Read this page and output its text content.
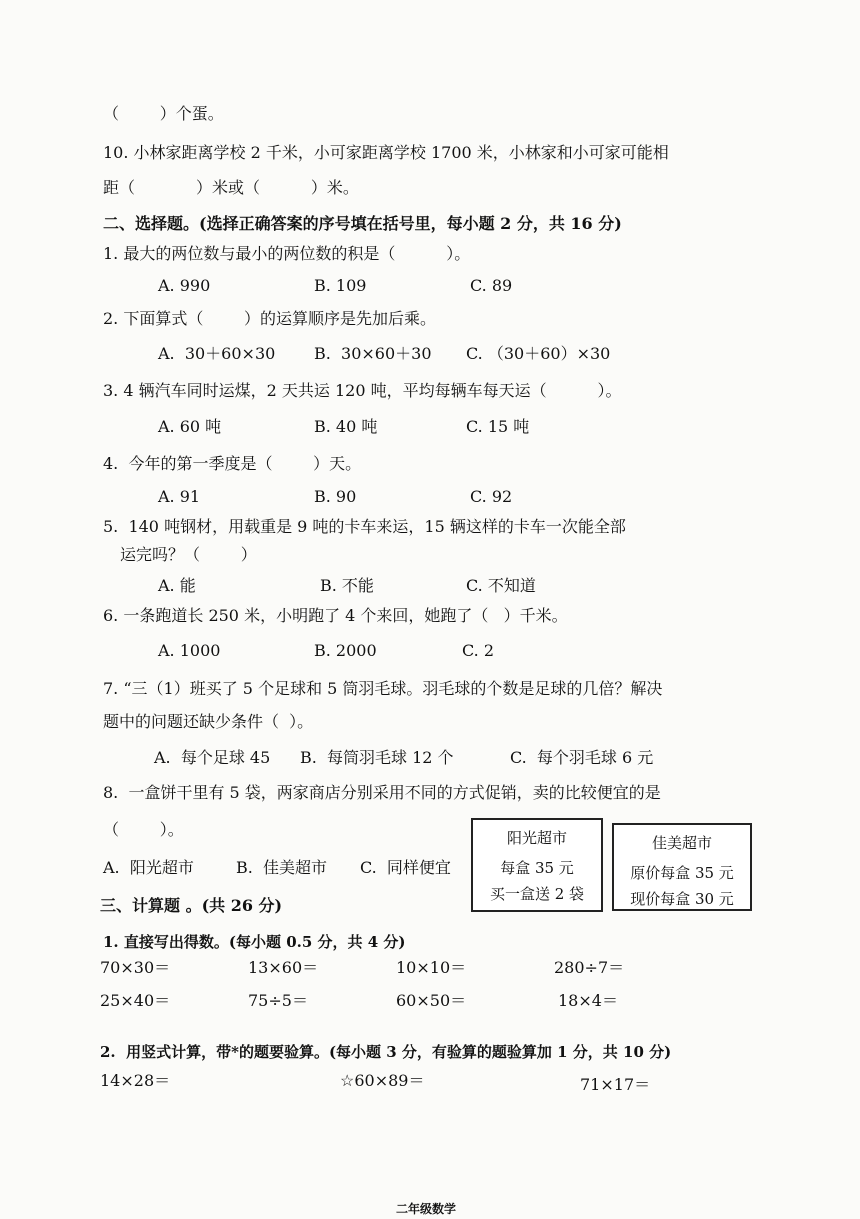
（        ）个蛋。
10. 小林家距离学校 2 千米，小可家距离学校 1700 米，小林家和小可家可能相
距（            ）米或（          ）米。
二、选择题。(选择正确答案的序号填在括号里，每小题 2 分，共 16 分)
1. 最大的两位数与最小的两位数的积是（          ）。
A. 990	B. 109	C. 89
2. 下面算式（        ）的运算顺序是先加后乘。
A.  30＋60×30 B.  30×60＋30 C. （30＋60）×30
3. 4 辆汽车同时运煤，2 天共运 120 吨，平均每辆车每天运（          ）。
A. 60 吨	B. 40 吨	C. 15 吨
4.  今年的第一季度是（        ）天。
A. 91	B. 90	C. 92
5.  140 吨钢材，用载重是 9 吨的卡车来运，15 辆这样的卡车一次能全部
运完吗？（        ）
A. 能	B. 不能	C. 不知道
6. 一条跑道长 250 米，小明跑了 4 个来回，她跑了（   ）千米。
A. 1000	B. 2000	C. 2
7. “三（1）班买了 5 个足球和 5 筒羽毛球。羽毛球的个数是足球的几倍？解决
题中的问题还缺少条件（  ）。
A.  每个足球 45 B.  每筒羽毛球 12 个	C.  每个羽毛球 6 元
8.  一盒饼干里有 5 袋，两家商店分别采用不同的方式促销，卖的比较便宜的是
（        ）。
A.  阳光超市	B.  佳美超市 C.  同样便宜
阳光超市
每盒 35 元
买一盒送 2 袋
佳美超市
原价每盒 35 元
现价每盒 30 元
三、计算题 。(共 26 分)
1. 直接写出得数。(每小题 0.5 分，共 4 分)
70×30＝	13×60＝	10×10＝	280÷7＝
25×40＝	75÷5＝	60×50＝	18×4＝
2.  用竖式计算，带*的题要验算。(每小题 3 分，有验算的题验算加 1 分，共 10 分)
14×28＝	☆60×89＝	71×17＝
二年级数学
